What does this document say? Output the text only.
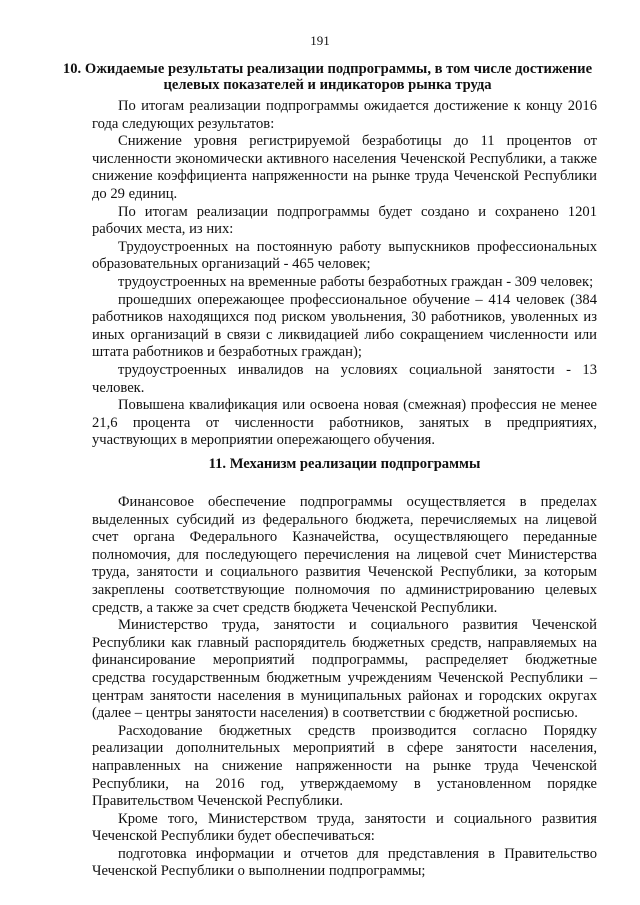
191
10. Ожидаемые результаты реализации подпрограммы, в том числе достижение целевых показателей и индикаторов рынка труда

По итогам реализации подпрограммы ожидается достижение к концу 2016 года следующих результатов:

Снижение уровня регистрируемой безработицы до 11 процентов от численности экономически активного населения Чеченской Республики, а также снижение коэффициента напряженности на рынке труда Чеченской Республики до 29 единиц.

По итогам реализации подпрограммы будет создано и сохранено 1201 рабочих места, из них:

Трудоустроенных на постоянную работу выпускников профессиональных образовательных организаций - 465 человек;

трудоустроенных на временные работы безработных граждан - 309 человек;

прошедших опережающее профессиональное обучение – 414 человек (384 работников находящихся под риском увольнения, 30 работников, уволенных из иных организаций в связи с ликвидацией либо сокращением численности или штата работников и безработных граждан);

трудоустроенных инвалидов на условиях социальной занятости - 13 человек.

Повышена квалификация или освоена новая (смежная) профессия не менее 21,6 процента от численности работников, занятых в предприятиях, участвующих в мероприятии опережающего обучения.

11. Механизм реализации подпрограммы

Финансовое обеспечение подпрограммы осуществляется в пределах выделенных субсидий из федерального бюджета, перечисляемых на лицевой счет органа Федерального Казначейства, осуществляющего переданные полномочия, для последующего перечисления на лицевой счет Министерства труда, занятости и социального развития Чеченской Республики, за которым закреплены соответствующие полномочия по администрированию целевых средств, а также за счет средств бюджета Чеченской Республики.

Министерство труда, занятости и социального развития Чеченской Республики как главный распорядитель бюджетных средств, направляемых на финансирование мероприятий подпрограммы, распределяет бюджетные средства государственным бюджетным учреждениям Чеченской Республики – центрам занятости населения в муниципальных районах и городских округах (далее – центры занятости населения) в соответствии с бюджетной росписью.

Расходование бюджетных средств производится согласно Порядку реализации дополнительных мероприятий в сфере занятости населения, направленных на снижение напряженности на рынке труда Чеченской Республики, на 2016 год, утверждаемому в установленном порядке Правительством Чеченской Республики.

Кроме того, Министерством труда, занятости и социального развития Чеченской Республики будет обеспечиваться:

подготовка информации и отчетов для представления в Правительство Чеченской Республики о выполнении подпрограммы;
